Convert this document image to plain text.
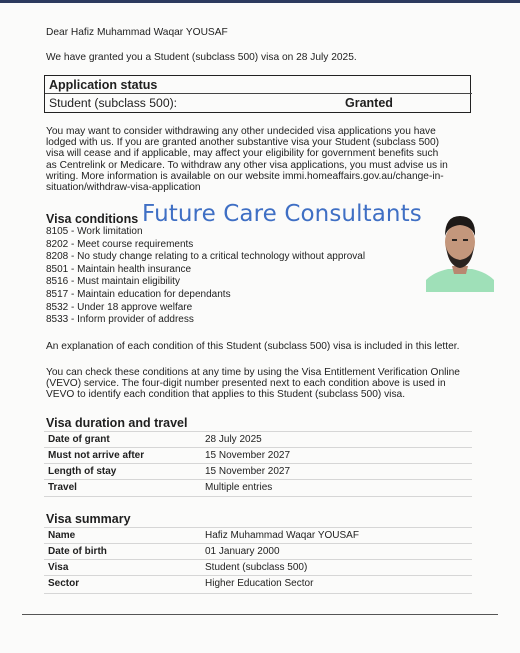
Dear Hafiz Muhammad Waqar YOUSAF
We have granted you a Student (subclass 500) visa on 28 July 2025.
Application status
Student (subclass 500):	Granted
You may want to consider withdrawing any other undecided visa applications you have
lodged with us. If you are granted another substantive visa your Student (subclass 500)
visa will cease and if applicable, may affect your eligibility for government benefits such
as Centrelink or Medicare. To withdraw any other visa applications, you must advise us in
writing. More information is available on our website immi.homeaffairs.gov.au/change-in-
situation/withdraw-visa-application
Visa conditions Future Care Consultants
8105 - Work limitation
8202 - Meet course requirements
8208 - No study change relating to a critical technology without approval
8501 - Maintain health insurance
8516 - Must maintain eligibility
8517 - Maintain education for dependants
8532 - Under 18 approve welfare
8533 - Inform provider of address
An explanation of each condition of this Student (subclass 500) visa is included in this letter.
You can check these conditions at any time by using the Visa Entitlement Verification Online
(VEVO) service. The four-digit number presented next to each condition above is used in
VEVO to identify each condition that applies to this Student (subclass 500) visa.
Visa duration and travel
Date of grant	28 July 2025
Must not arrive after	15 November 2027
Length of stay	15 November 2027
Travel	Multiple entries
Visa summary
Name	Hafiz Muhammad Waqar YOUSAF
Date of birth	01 January 2000
Visa	Student (subclass 500)
Sector	Higher Education Sector
